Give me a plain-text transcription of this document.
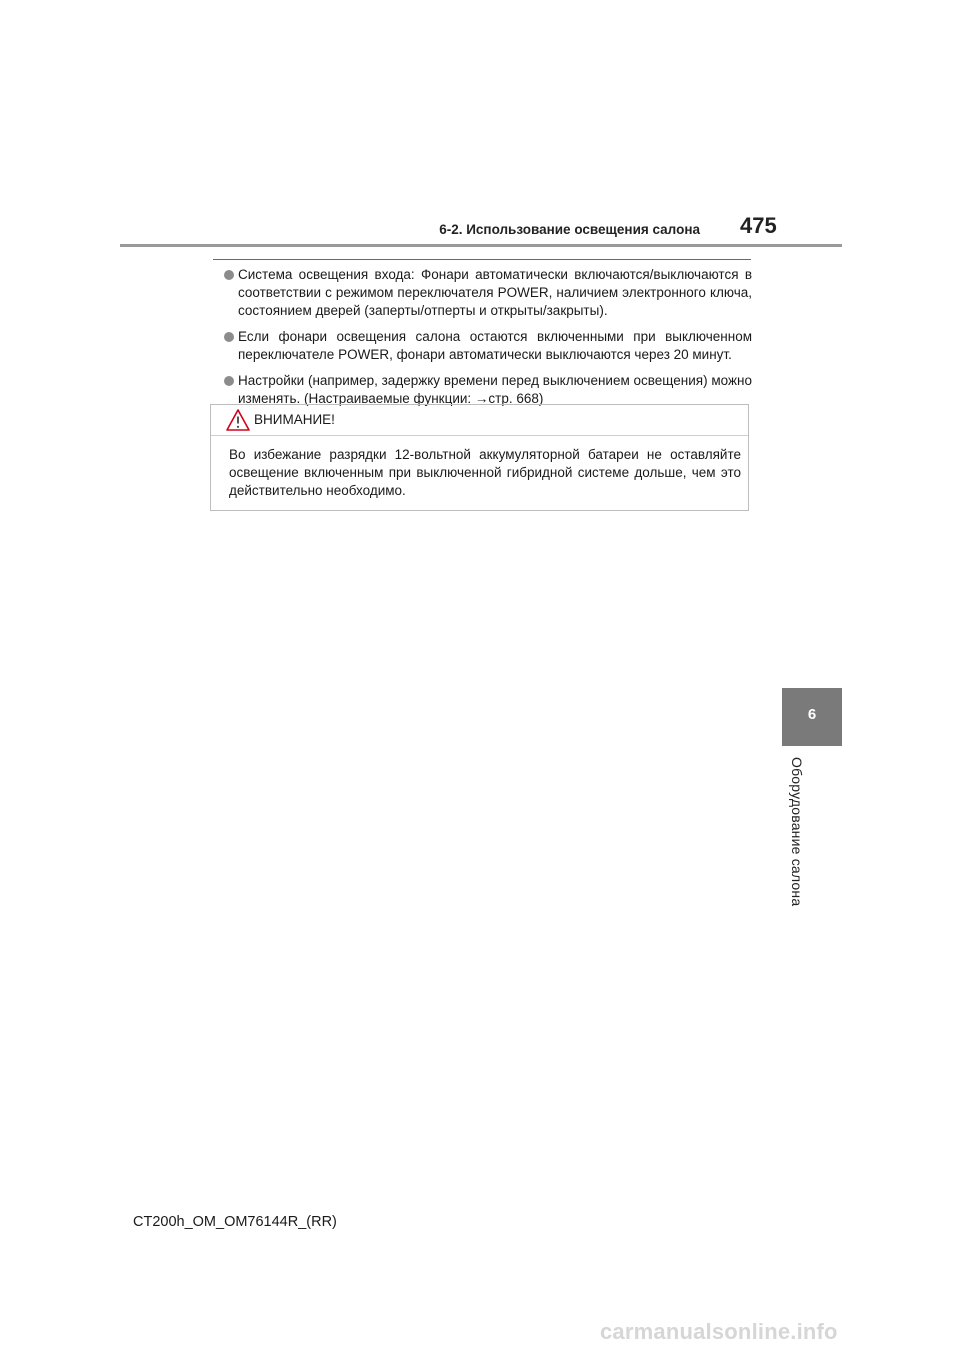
6-2. Использование освещения салона 475
Система освещения входа: Фонари автоматически включаются/выключаются в соответствии с режимом переключателя POWER, наличием электронного ключа, состоянием дверей (заперты/отперты и открыты/закрыты).
Если фонари освещения салона остаются включенными при выключенном переключателе POWER, фонари автоматически выключаются через 20 минут.
Настройки (например, задержку времени перед выключением освещения) можно изменять. (Настраиваемые функции: →стр. 668)
ВНИМАНИЕ!
Во избежание разрядки 12-вольтной аккумуляторной батареи не оставляйте освещение включенным при выключенной гибридной системе дольше, чем это действительно необходимо.
6
Оборудование салона
CT200h_OM_OM76144R_(RR)
carmanualsonline.info
